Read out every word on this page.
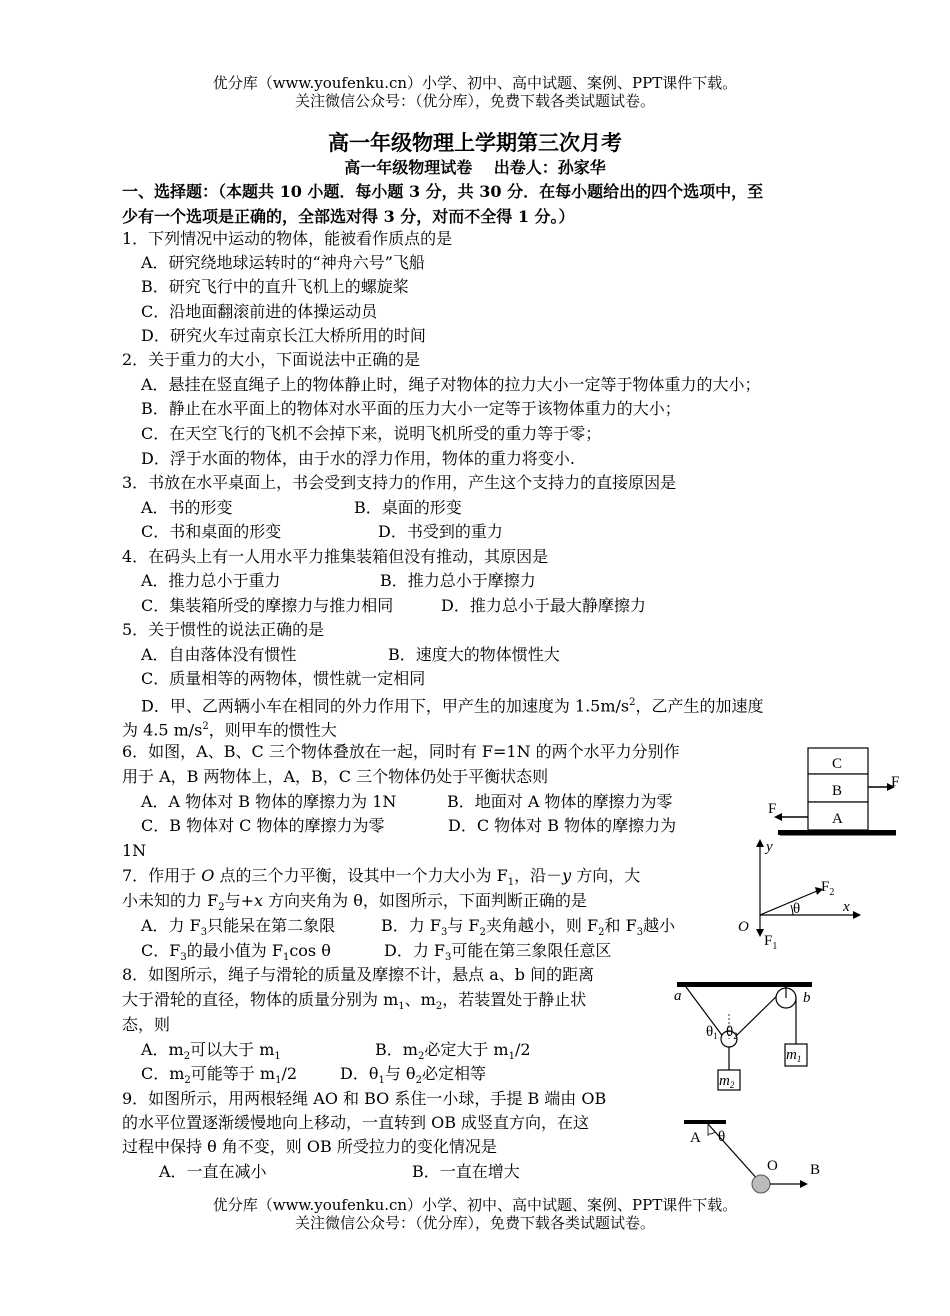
优分库（www.youfenku.cn）小学、初中、高中试题、案例、PPT课件下载。
关注微信公众号：（优分库），免费下载各类试题试卷。
高一年级物理上学期第三次月考
高一年级物理试卷　 出卷人：孙家华
一、选择题：（本题共 10 小题．每小题 3 分，共 30 分．在每小题给出的四个选项中，至
少有一个选项是正确的，全部选对得 3 分，对而不全得 1 分。）
1．下列情况中运动的物体，能被看作质点的是
A．研究绕地球运转时的“神舟六号”飞船
B．研究飞行中的直升飞机上的螺旋桨
C．沿地面翻滚前进的体操运动员
D．研究火车过南京长江大桥所用的时间
2．关于重力的大小，下面说法中正确的是
A．悬挂在竖直绳子上的物体静止时，绳子对物体的拉力大小一定等于物体重力的大小；
B．静止在水平面上的物体对水平面的压力大小一定等于该物体重力的大小；
C．在天空飞行的飞机不会掉下来，说明飞机所受的重力等于零；
D．浮于水面的物体，由于水的浮力作用，物体的重力将变小.
3．书放在水平桌面上，书会受到支持力的作用，产生这个支持力的直接原因是
A．书的形变	B．桌面的形变
C．书和桌面的形变	D．书受到的重力
4．在码头上有一人用水平力推集装箱但没有推动，其原因是
A．推力总小于重力	B．推力总小于摩擦力
C．集装箱所受的摩擦力与推力相同	D．推力总小于最大静摩擦力
5．关于惯性的说法正确的是
A．自由落体没有惯性	B．速度大的物体惯性大
C．质量相等的两物体，惯性就一定相同
D．甲、乙两辆小车在相同的外力作用下，甲产生的加速度为 $1.5m/s^2$，乙产生的加速度
为 4.5 $m/s^2$，则甲车的惯性大
6．如图，A、B、C 三个物体叠放在一起，同时有 F=1N 的两个水平力分别作
用于 A，B 两物体上，A，B，C 三个物体仍处于平衡状态则
A．A 物体对 B 物体的摩擦力为 1N	B．地面对 A 物体的摩擦力为零
C．B 物体对 C 物体的摩擦力为零	D．C 物体对 B 物体的摩擦力为
1N
C
B
A
F
F
7．作用于 O 点的三个力平衡，设其中一个力大小为 $F_1$，沿－y 方向，大
小未知的力 $F_2$与+x 方向夹角为 θ，如图所示，下面判断正确的是
A．力 $F_3$只能呆在第二象限	B．力 $F_3$与 $F_2$夹角越小，则 $F_2$和 $F_3$越小
C．$F_3$的最小值为 $F_1\cos$ θ	D．力 $F_3$可能在第三象限任意区
y
x
O
$F_2$
θ
$F_1$
8．如图所示，绳子与滑轮的质量及摩擦不计，悬点 a、b 间的距离
大于滑轮的直径，物体的质量分别为 $m_1$、$m_2$，若装置处于静止状
态，则
A．$m_2$可以大于 $m_1$	B．$m_2$必定大于 $m_1/2$
C．$m_2$可能等于 $m_1/2$	D．$\theta_1$与 $\theta_2$必定相等
a	b
$\theta_1$ $\theta_2$
$m_2$
$m_1$
9．如图所示，用两根轻绳 AO 和 BO 系住一小球，手提 B 端由 OB
的水平位置逐渐缓慢地向上移动，一直转到 OB 成竖直方向，在这
过程中保持 θ 角不变，则 OB 所受拉力的变化情况是
A．一直在减小	B．一直在增大
A θ
O B
优分库（www.youfenku.cn）小学、初中、高中试题、案例、PPT课件下载。
关注微信公众号：（优分库），免费下载各类试题试卷。
